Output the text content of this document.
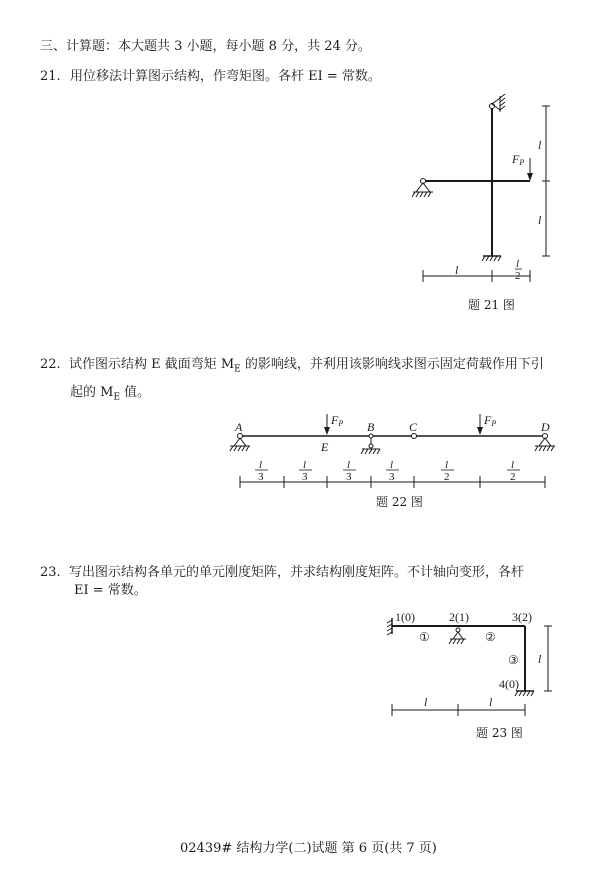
三、计算题：本大题共 3 小题，每小题 8 分，共 24 分。
21. 用位移法计算图示结构，作弯矩图。各杆 EI = 常数。
22. 试作图示结构 E 截面弯矩 $M_E$ 的影响线，并利用该影响线求图示固定荷载作用下引
起的 $M_E$ 值。
23. 写出图示结构各单元的单元刚度矩阵，并求结构刚度矩阵。不计轴向变形，各杆
EI = 常数。
题 21 图
题 22 图
题 23 图
02439# 结构力学(二)试题 第 6 页(共 7 页)
FP
l
l
l	l
2
A
E
B	C	D
FP	FP
l
3
l
3
l
3
l
3
l
2
l
2
1(0)	2(1)	3(2)
4(0)
①	②
③ l
l	l
